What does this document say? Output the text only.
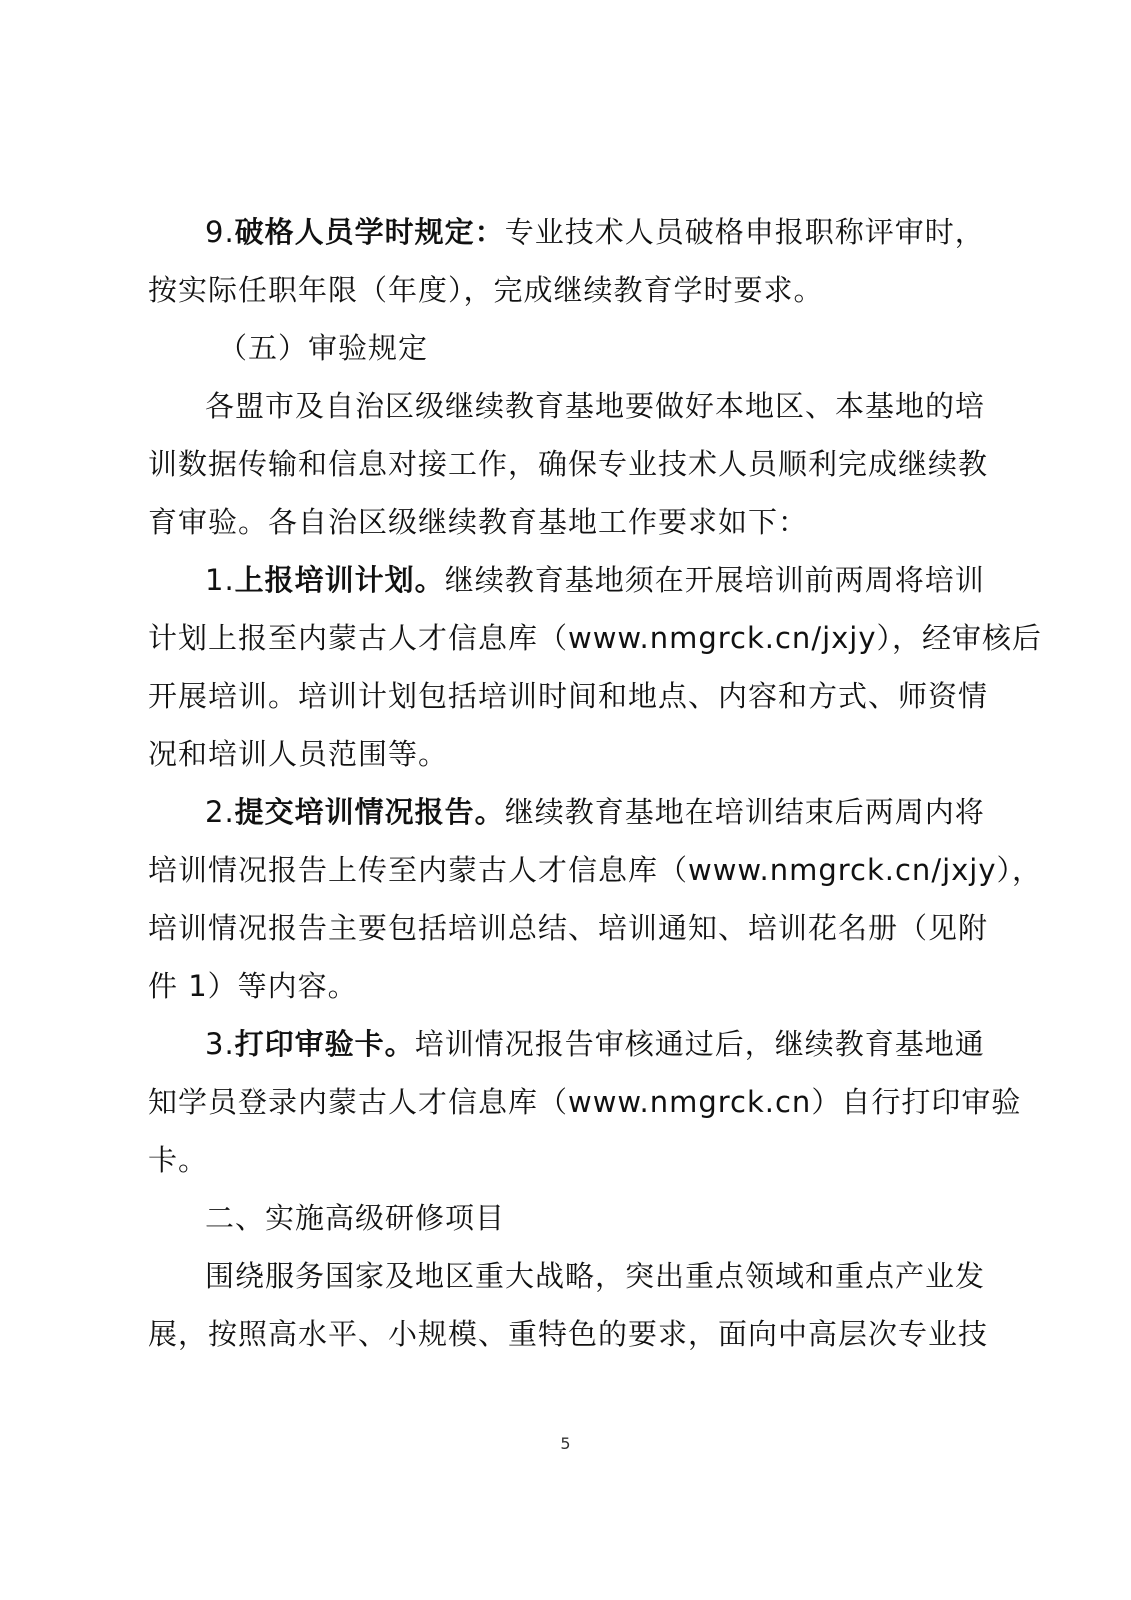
9.破格人员学时规定：专业技术人员破格申报职称评审时，
按实际任职年限（年度），完成继续教育学时要求。
（五）审验规定
各盟市及自治区级继续教育基地要做好本地区、本基地的培
训数据传输和信息对接工作，确保专业技术人员顺利完成继续教
育审验。各自治区级继续教育基地工作要求如下：
1.上报培训计划。继续教育基地须在开展培训前两周将培训
计划上报至内蒙古人才信息库（www.nmgrck.cn/jxjy），经审核后
开展培训。培训计划包括培训时间和地点、内容和方式、师资情
况和培训人员范围等。
2.提交培训情况报告。继续教育基地在培训结束后两周内将
培训情况报告上传至内蒙古人才信息库（www.nmgrck.cn/jxjy），
培训情况报告主要包括培训总结、培训通知、培训花名册（见附
件 1）等内容。
3.打印审验卡。培训情况报告审核通过后，继续教育基地通
知学员登录内蒙古人才信息库（www.nmgrck.cn）自行打印审验
卡。
二、实施高级研修项目
围绕服务国家及地区重大战略，突出重点领域和重点产业发
展，按照高水平、小规模、重特色的要求，面向中高层次专业技
5
